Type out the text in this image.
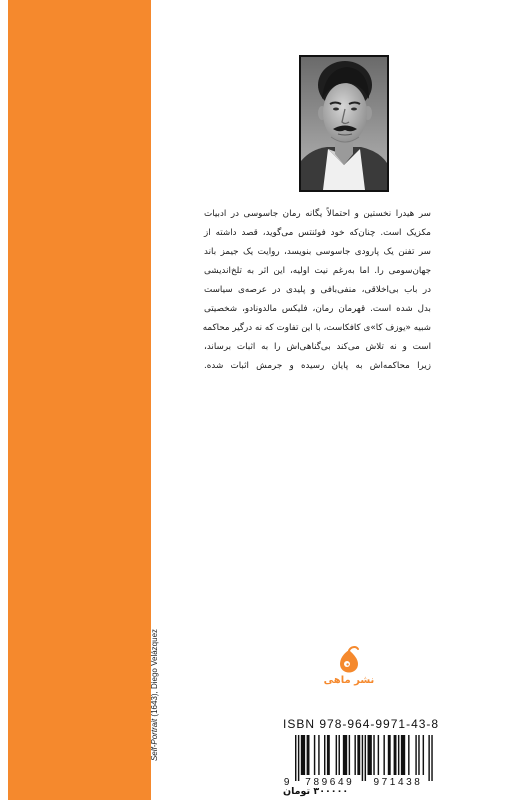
Self-Portrait (1643), Diego Velázquez
سر هیدرا نخستین و احتمالاً یگانه رمان جاسوسی در ادبیات
مکزیک است. چنان‌که خود فوئنتس می‌گوید، قصد داشته از
سر تفنن یک پارودی جاسوسی بنویسد، روایت یک جیمز باند
جهان‌سومی را. اما به‌رغم نیت اولیه، این اثر به تلخ‌اندیشی
در باب بی‌اخلاقی، منفی‌بافی و پلیدی در عرصه‌ی سیاست
بدل شده است. قهرمان رمان، فلیکس مالدونادو، شخصیتی
شبیه «یوزف کا»ی کافکاست، با این تفاوت که نه درگیر محاکمه
است و نه تلاش می‌کند بی‌گناهی‌اش را به اثبات برساند،
زیرا محاکمه‌اش به پایان رسیده و جرمش اثبات شده.
نشر ماهی
ISBN 978-964-9971-43-8
9 789649 971438
۳۰۰۰۰۰ تومان
